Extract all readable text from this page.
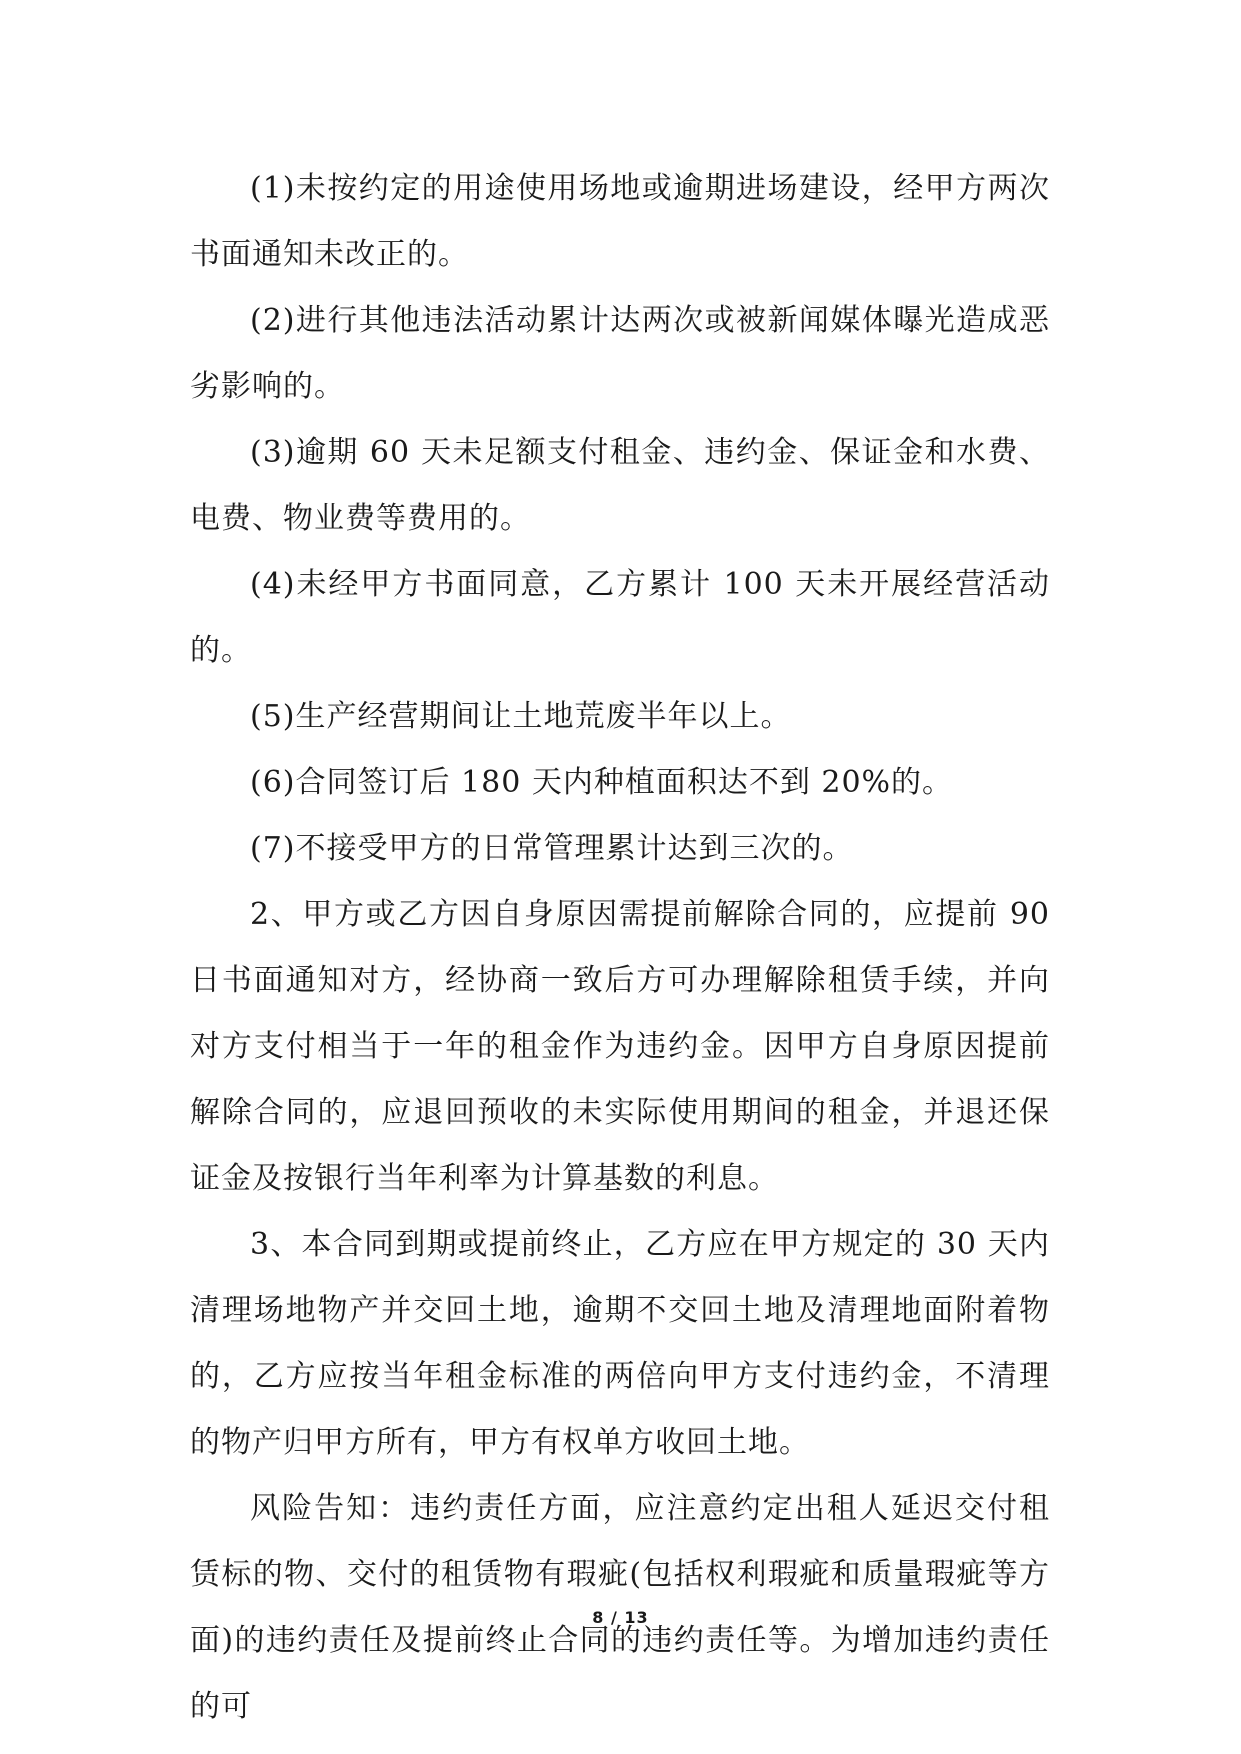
(1)未按约定的用途使用场地或逾期进场建设，经甲方两次书面通知未改正的。

(2)进行其他违法活动累计达两次或被新闻媒体曝光造成恶劣影响的。

(3)逾期 60 天未足额支付租金、违约金、保证金和水费、电费、物业费等费用的。

(4)未经甲方书面同意，乙方累计 100 天未开展经营活动的。

(5)生产经营期间让土地荒废半年以上。

(6)合同签订后 180 天内种植面积达不到 20%的。

(7)不接受甲方的日常管理累计达到三次的。

2、甲方或乙方因自身原因需提前解除合同的，应提前 90 日书面通知对方，经协商一致后方可办理解除租赁手续，并向对方支付相当于一年的租金作为违约金。因甲方自身原因提前解除合同的，应退回预收的未实际使用期间的租金，并退还保证金及按银行当年利率为计算基数的利息。

3、本合同到期或提前终止，乙方应在甲方规定的 30 天内清理场地物产并交回土地，逾期不交回土地及清理地面附着物的，乙方应按当年租金标准的两倍向甲方支付违约金，不清理的物产归甲方所有，甲方有权单方收回土地。

风险告知：违约责任方面，应注意约定出租人延迟交付租赁标的物、交付的租赁物有瑕疵(包括权利瑕疵和质量瑕疵等方面)的违约责任及提前终止合同的违约责任等。为增加违约责任的可

8 / 13
